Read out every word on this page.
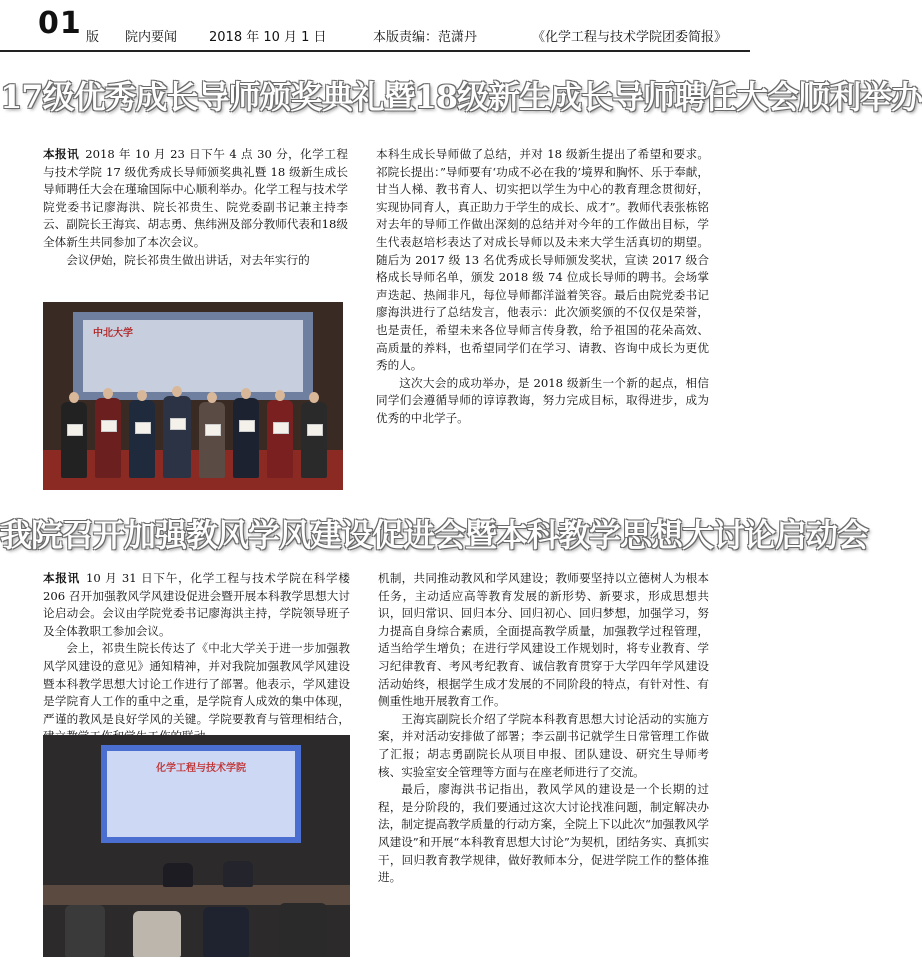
01 版 院内要闻 2018 年 10 月 1 日	本版责编：范潇丹	《化学工程与技术学院团委简报》
17级优秀成长导师颁奖典礼暨18级新生成长导师聘任大会顺利举办

本报讯 2018 年 10 月 23 日下午 4 点 30 分，化学工程与技术学院 17 级优秀成长导师颁奖典礼暨 18 级新生成长导师聘任大会在瑾瑜国际中心顺利举办。化学工程与技术学院党委书记廖海洪、院长祁贵生、院党委副书记兼主持李云、副院长王海宾、胡志勇、焦纬洲及部分教师代表和18级全体新生共同参加了本次会议。

会议伊始，院长祁贵生做出讲话，对去年实行的

中北大学

本科生成长导师做了总结，并对 18 级新生提出了希望和要求。祁院长提出：”导师要有‘功成不必在我的’境界和胸怀、乐于奉献，甘当人梯、教书育人、切实把以学生为中心的教育理念贯彻好，实现协同育人，真正助力于学生的成长、成才”。教师代表张栋铭对去年的导师工作做出深刻的总结并对今年的工作做出目标，学生代表赵培杉表达了对成长导师以及未来大学生活真切的期望。随后为 2017 级 13 名优秀成长导师颁发奖状，宣读 2017 级合格成长导师名单，颁发 2018 级 74 位成长导师的聘书。会场掌声迭起、热闹非凡，每位导师都洋溢着笑容。最后由院党委书记廖海洪进行了总结发言，他表示：此次颁奖颁的不仅仅是荣誉，也是责任，希望未来各位导师言传身教，给予祖国的花朵高效、高质量的养料，也希望同学们在学习、请教、咨询中成长为更优秀的人。

这次大会的成功举办，是 2018 级新生一个新的起点，相信同学们会遵循导师的谆谆教诲，努力完成目标，取得进步，成为优秀的中北学子。

我院召开加强教风学风建设促进会暨本科教学思想大讨论启动会

本报讯 10 月 31 日下午，化学工程与技术学院在科学楼 206 召开加强教风学风建设促进会暨开展本科教学思想大讨论启动会。会议由学院党委书记廖海洪主持，学院领导班子及全体教职工参加会议。

会上，祁贵生院长传达了《中北大学关于进一步加强教风学风建设的意见》通知精神，并对我院加强教风学风建设暨本科教学思想大讨论工作进行了部署。他表示，学风建设是学院育人工作的重中之重，是学院育人成效的集中体现，严谨的教风是良好学风的关键。学院要教育与管理相结合，

化学工程与技术学院

机制，共同推动教风和学风建设；教师要坚持以立德树人为根本任务，主动适应高等教育发展的新形势、新要求，形成思想共识，回归常识、回归本分、回归初心、回归梦想，加强学习，努力提高自身综合素质，全面提高教学质量，加强教学过程管理，适当给学生增负；在进行学风建设工作规划时，将专业教育、学习纪律教育、考风考纪教育、诚信教育贯穿于大学四年学风建设活动始终，根据学生成才发展的不同阶段的特点，有针对性、有侧重性地开展教育工作。

王海宾副院长介绍了学院本科教育思想大讨论活动的实施方案，并对活动安排做了部署；李云副书记就学生日常管理工作做了汇报；胡志勇副院长从项目申报、团队建设、研究生导师考核、实验室安全管理等方面与在座老师进行了交流。

最后，廖海洪书记指出，教风学风的建设是一个长期的过程，是分阶段的，我们要通过这次大讨论找准问题，制定解决办法，制定提高教学质量的行动方案，全院上下以此次“加强教风学风建设”和开展“本科教育思想大讨论”为契机，团结务实、真抓实干，回归教育教学规律，做好教师本分，促进学院工作的整体推进。
